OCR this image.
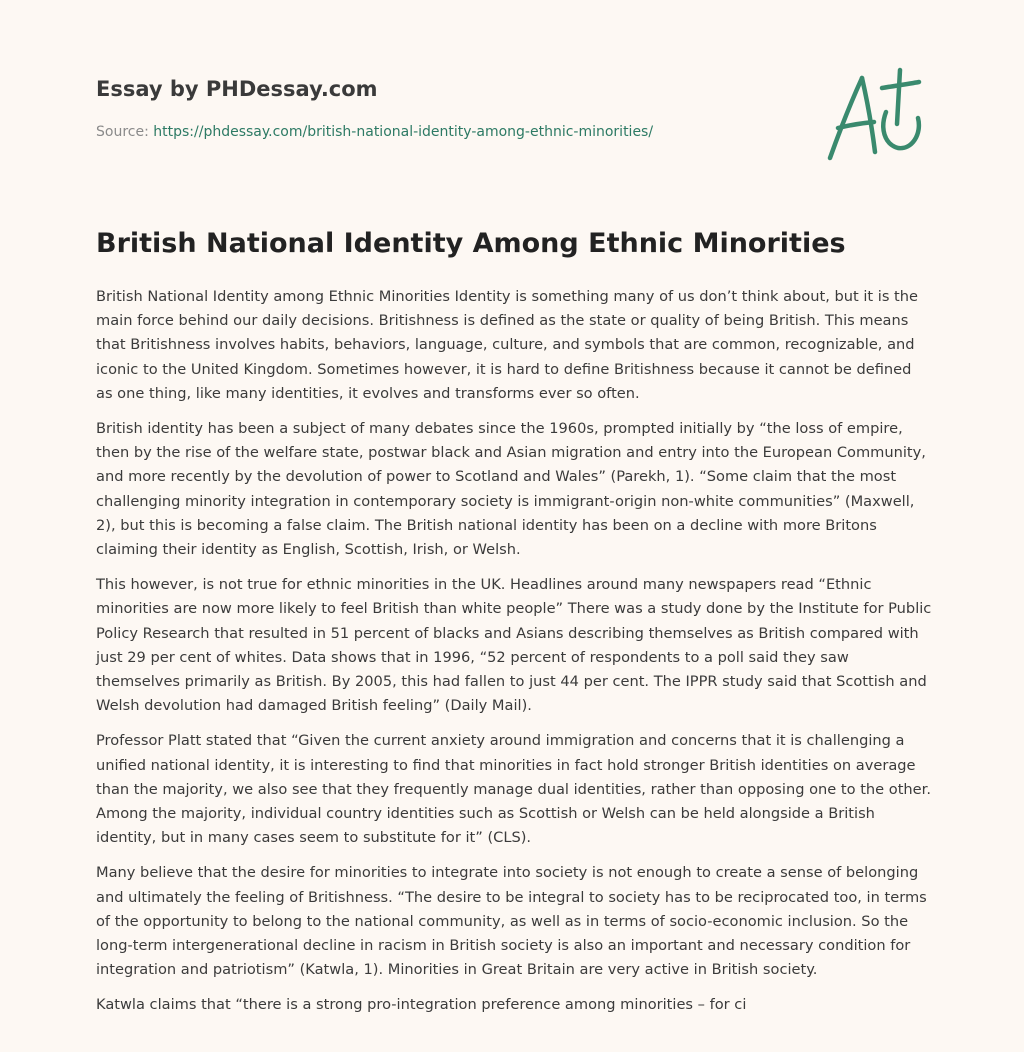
Essay by PHDessay.com
Source: https://phdessay.com/british-national-identity-among-ethnic-minorities/
British National Identity Among Ethnic Minorities

British National Identity among Ethnic Minorities Identity is something many of us don’t think about, but it is the main force behind our daily decisions. Britishness is defined as the state or quality of being British. This means that Britishness involves habits, behaviors, language, culture, and symbols that are common, recognizable, and iconic to the United Kingdom. Sometimes however, it is hard to define Britishness because it cannot be defined as one thing, like many identities, it evolves and transforms ever so often.

British identity has been a subject of many debates since the 1960s, prompted initially by “the loss of empire, then by the rise of the welfare state, postwar black and Asian migration and entry into the European Community, and more recently by the devolution of power to Scotland and Wales” (Parekh, 1). “Some claim that the most challenging minority integration in contemporary society is immigrant-origin non-white communities” (Maxwell, 2), but this is becoming a false claim. The British national identity has been on a decline with more Britons claiming their identity as English, Scottish, Irish, or Welsh.

This however, is not true for ethnic minorities in the UK. Headlines around many newspapers read “Ethnic minorities are now more likely to feel British than white people” There was a study done by the Institute for Public Policy Research that resulted in 51 percent of blacks and Asians describing themselves as British compared with just 29 per cent of whites. Data shows that in 1996, “52 percent of respondents to a poll said they saw themselves primarily as British. By 2005, this had fallen to just 44 per cent. The IPPR study said that Scottish and Welsh devolution had damaged British feeling” (Daily Mail).

Professor Platt stated that “Given the current anxiety around immigration and concerns that it is challenging a unified national identity, it is interesting to find that minorities in fact hold stronger British identities on average than the majority, we also see that they frequently manage dual identities, rather than opposing one to the other. Among the majority, individual country identities such as Scottish or Welsh can be held alongside a British identity, but in many cases seem to substitute for it” (CLS).

Many believe that the desire for minorities to integrate into society is not enough to create a sense of belonging and ultimately the feeling of Britishness. “The desire to be integral to society has to be reciprocated too, in terms of the opportunity to belong to the national community, as well as in terms of socio-economic inclusion. So the long-term intergenerational decline in racism in British society is also an important and necessary condition for integration and patriotism” (Katwla, 1). Minorities in Great Britain are very active in British society.

Katwla claims that “there is a strong pro-integration preference among minorities – for ci
